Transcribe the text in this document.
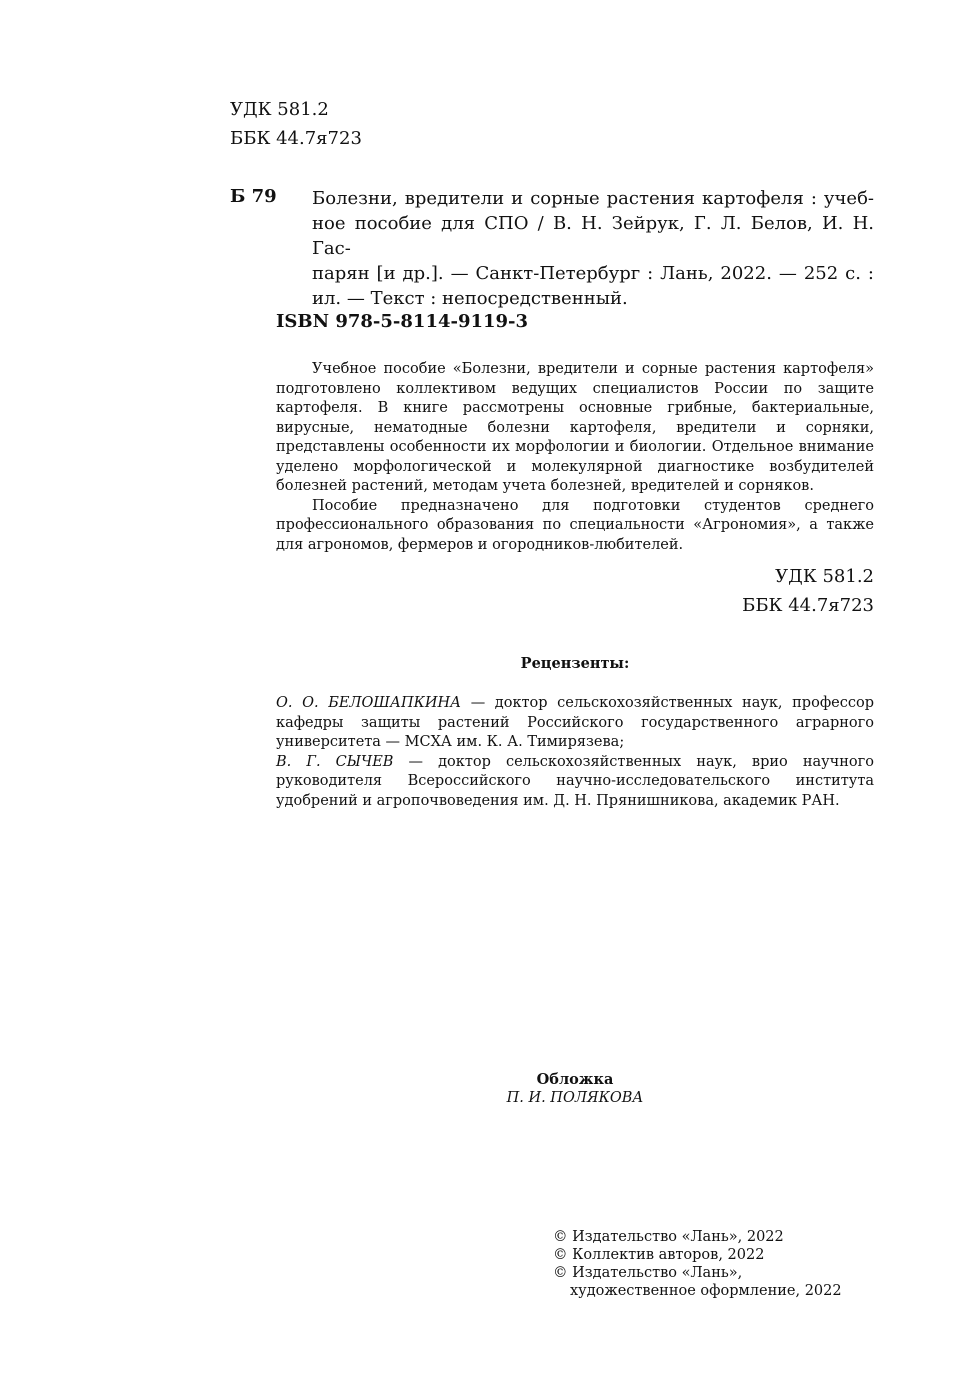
УДК 581.2
ББК 44.7я723
Б 79 Болезни, вредители и сорные растения картофеля : учеб-
ное пособие для СПО / В. Н. Зейрук, Г. Л. Белов, И. Н. Гас-
парян [и др.]. — Санкт-Петербург : Лань, 2022. — 252 с. :
ил. — Текст : непосредственный.
ISBN 978-5-8114-9119-3

Учебное пособие «Болезни, вредители и сорные растения картофеля» подготовлено коллективом ведущих специалистов России по защите картофеля. В книге рассмотрены основные грибные, бактериальные, вирусные, нематодные болезни картофеля, вредители и сорняки, представлены особенности их морфологии и биологии. Отдельное внимание уделено морфологической и молекулярной диагностике возбудителей болезней растений, методам учета болезней, вредителей и сорняков.

Пособие предназначено для подготовки студентов среднего профессионального образования по специальности «Агрономия», а также для агрономов, фермеров и огородников-любителей.

УДК 581.2
ББК 44.7я723
Рецензенты:

О. О. БЕЛОШАПКИНА — доктор сельскохозяйственных наук, профессор кафедры защиты растений Российского государственного аграрного университета — МСХА им. К. А. Тимирязева;

В. Г. СЫЧЕВ — доктор сельскохозяйственных наук, врио научного руководителя Всероссийского научно-исследовательского института удобрений и агропочвоведения им. Д. Н. Прянишникова, академик РАН.

Обложка
П. И. ПОЛЯКОВА
© Издательство «Лань», 2022
© Коллектив авторов, 2022
© Издательство «Лань»,
художественное оформление, 2022
